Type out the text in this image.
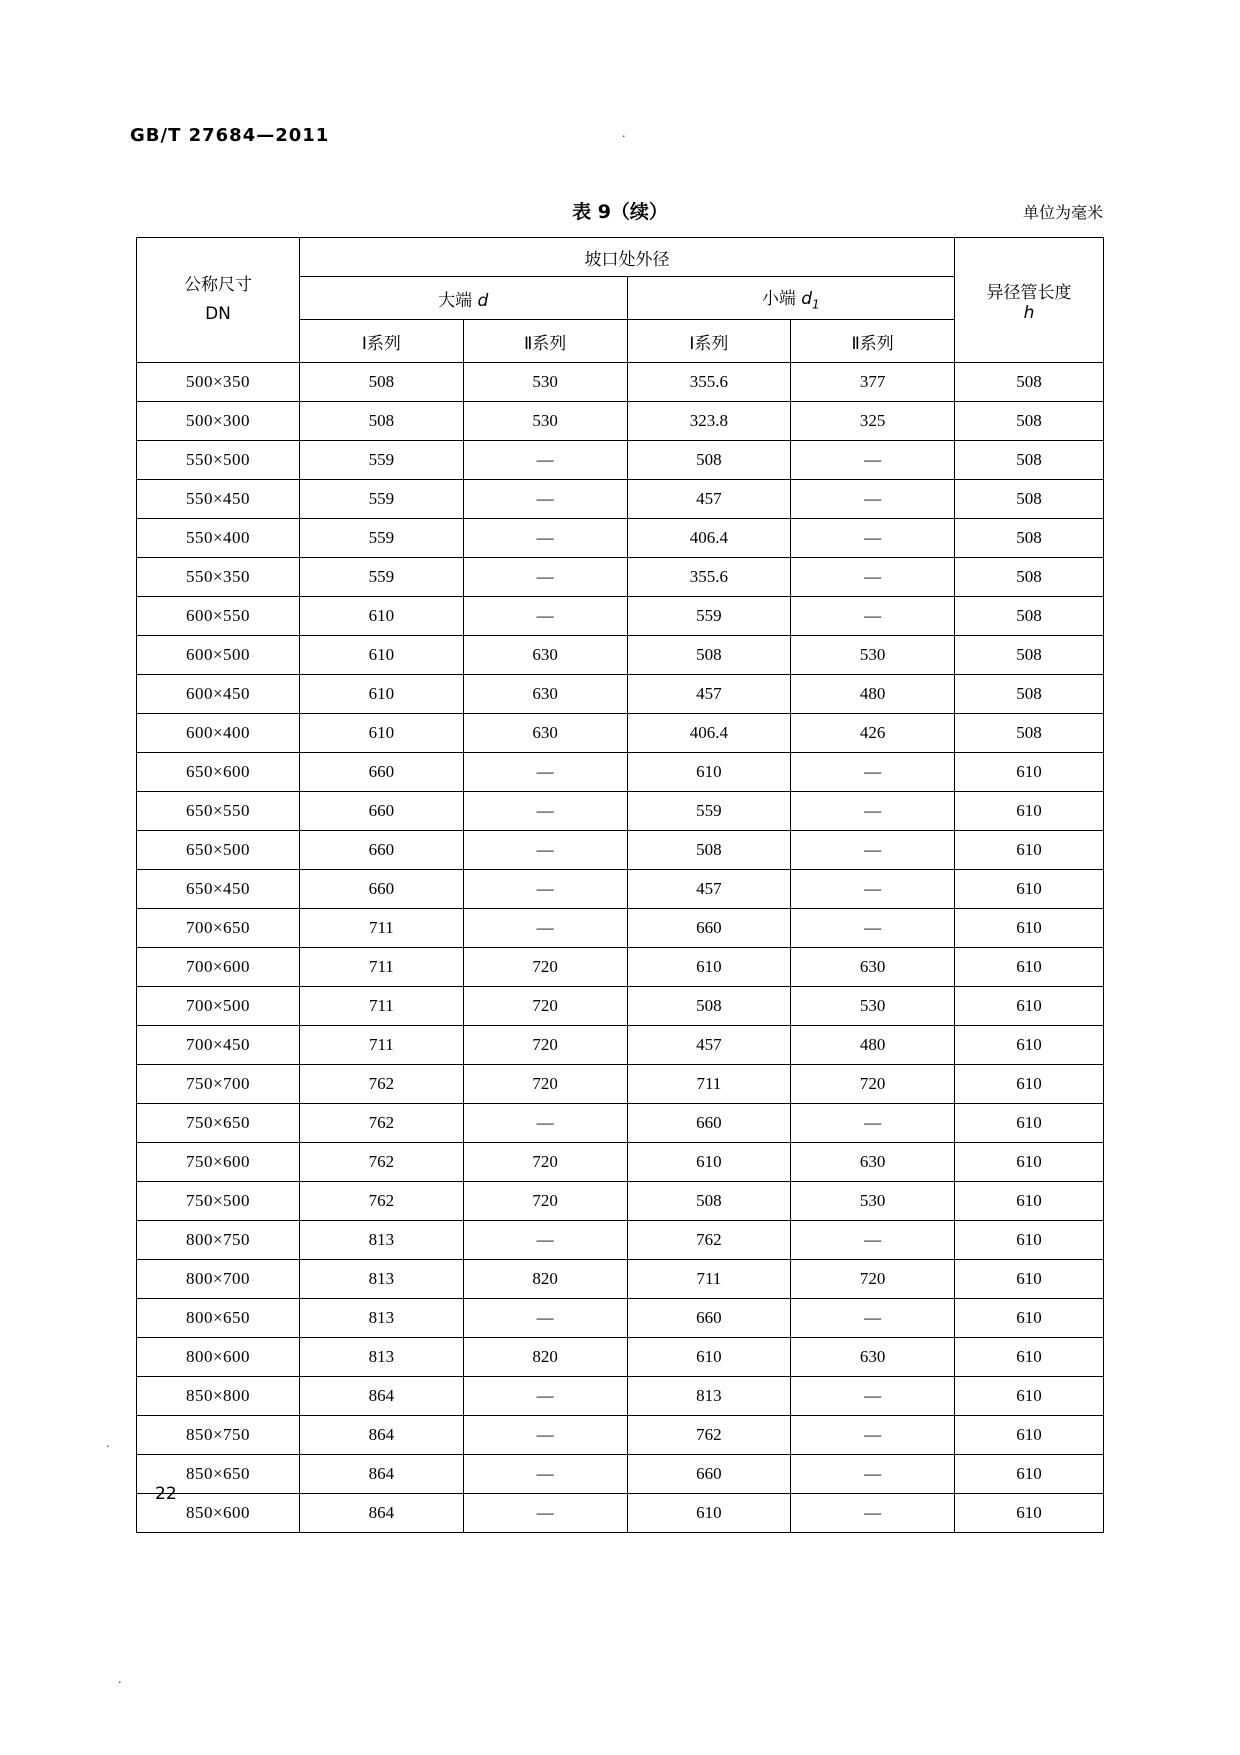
GB/T 27684—2011	.
.
.
表 9（续）	单位为毫米
公称尺寸
DN	坡口处外径				异径管长度
h
	大端 d		小端 $d_1$
	Ⅰ系列	Ⅱ系列	Ⅰ系列	Ⅱ系列	
500×350	508	530	355.6	377	508
500×300	508	530	323.8	325	508
550×500	559	—	508	—	508
550×450	559	—	457	—	508
550×400	559	—	406.4	—	508
550×350	559	—	355.6	—	508
600×550	610	—	559	—	508
600×500	610	630	508	530	508
600×450	610	630	457	480	508
600×400	610	630	406.4	426	508
650×600	660	—	610	—	610
650×550	660	—	559	—	610
650×500	660	—	508	—	610
650×450	660	—	457	—	610
700×650	711	—	660	—	610
700×600	711	720	610	630	610
700×500	711	720	508	530	610
700×450	711	720	457	480	610
750×700	762	720	711	720	610
750×650	762	—	660	—	610
750×600	762	720	610	630	610
750×500	762	720	508	530	610
800×750	813	—	762	—	610
800×700	813	820	711	720	610
800×650	813	—	660	—	610
800×600	813	820	610	630	610
850×800	864	—	813	—	610
850×750	864	—	762	—	610
850×650	864	—	660	—	610
850×600	864	—	610	—	610
22
